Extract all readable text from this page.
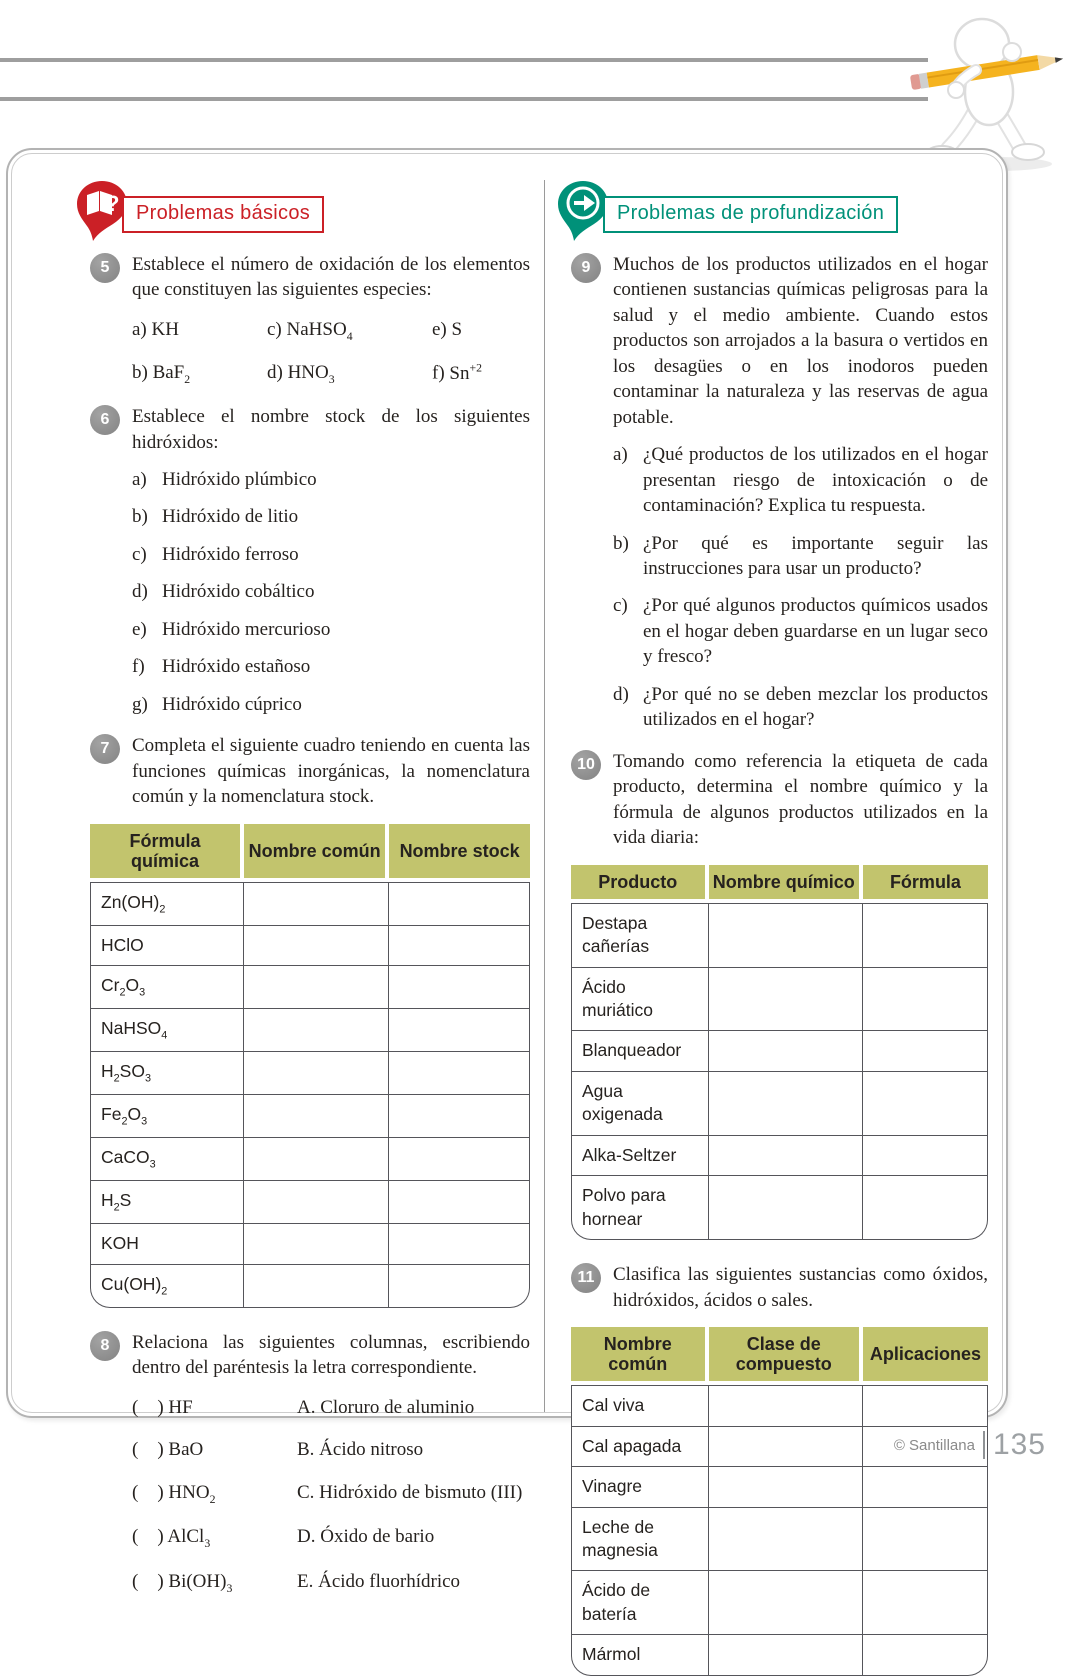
? Problemas básicos
5	Establece el número de oxidación de los elementos que constituyen las siguientes especies:
a) KH	c) NaHSO$_4$	e) S
b) BaF$_2$	d) $HNO_3$	f) $Sn^{+2}$
6	Establece el nombre stock de los siguientes hidróxidos:
a) Hidróxido plúmbico
b) Hidróxido de litio
c) Hidróxido ferroso
d) Hidróxido cobáltico
e) Hidróxido mercurioso
f) Hidróxido estañoso
g) Hidróxido cúprico
7	Completa el siguiente cuadro teniendo en cuenta las funciones químicas inorgánicas, la nomenclatura común y la nomenclatura stock.
Fórmula química	Nombre común	Nombre stock
$Zn(OH)_2$		
HClO		
$Cr_2O_3$		
NaHSO$_4$		
$H_2SO_3$		
$Fe_2O_3$		
CaCO$_3$		
$H_2S$		
KOH		
$Cu(OH)_2$		
8	Relaciona las siguientes columnas, escribiendo dentro del paréntesis la letra correspondiente.
(    ) HF	A. Cloruro de aluminio
(    ) BaO	B. Ácido nitroso
(    ) $HNO_2$	C. Hidróxido de bismuto (III)
(    ) AlCl$_3$	D. Óxido de bario
(    ) $Bi(OH)_3$	E. Ácido fluorhídrico
Problemas de profundización
9	Muchos de los productos utilizados en el hogar contienen sustancias químicas peligrosas para la salud y el medio ambiente. Cuando estos productos son arrojados a la basura o vertidos en los desagües o en los inodoros pueden contaminar la naturaleza y las reservas de agua potable.
a) ¿Qué productos de los utilizados en el hogar presentan riesgo de intoxicación o de contaminación? Explica tu respuesta.
b) ¿Por qué es importante seguir las instrucciones para usar un producto?
c) ¿Por qué algunos productos químicos usados en el hogar deben guardarse en un lugar seco y fresco?
d) ¿Por qué no se deben mezclar los productos utilizados en el hogar?
10 Tomando como referencia la etiqueta de cada producto, determina el nombre químico y la fórmula de algunos productos utilizados en la vida diaria:
Producto	Nombre químico	Fórmula
Destapa cañerías		
Ácido muriático		
Blanqueador		
Agua oxigenada		
Alka-Seltzer		
Polvo para hornear		
11 Clasifica las siguientes sustancias como óxidos, hidróxidos, ácidos o sales.
Nombre común	Clase de compuesto	Aplicaciones
Cal viva		
Cal apagada		
Vinagre		
Leche de magnesia		
Ácido de batería		
Mármol		
© Santillana 135
